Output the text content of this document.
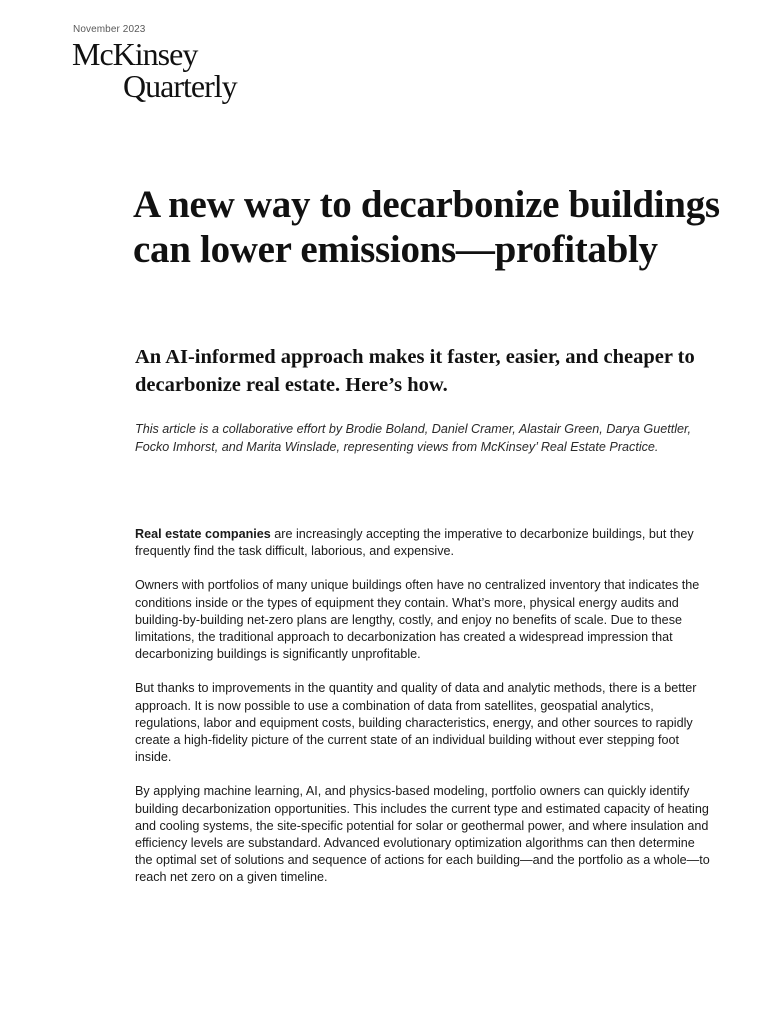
November 2023
McKinsey
Quarterly
A new way to decarbonize buildings can lower emissions—profitably
An AI-informed approach makes it faster, easier, and cheaper to decarbonize real estate. Here’s how.

This article is a collaborative effort by Brodie Boland, Daniel Cramer, Alastair Green, Darya Guettler, Focko Imhorst, and Marita Winslade, representing views from McKinsey’ Real Estate Practice.

Real estate companies are increasingly accepting the imperative to decarbonize buildings, but they frequently find the task difficult, laborious, and expensive.

Owners with portfolios of many unique buildings often have no centralized inventory that indicates the conditions inside or the types of equipment they contain. What’s more, physical energy audits and building-by-building net-zero plans are lengthy, costly, and enjoy no benefits of scale. Due to these limitations, the traditional approach to decarbonization has created a widespread impression that decarbonizing buildings is significantly unprofitable.

But thanks to improvements in the quantity and quality of data and analytic methods, there is a better approach. It is now possible to use a combination of data from satellites, geospatial analytics, regulations, labor and equipment costs, building characteristics, energy, and other sources to rapidly create a high-fidelity picture of the current state of an individual building without ever stepping foot inside.

By applying machine learning, AI, and physics-based modeling, portfolio owners can quickly identify building decarbonization opportunities. This includes the current type and estimated capacity of heating and cooling systems, the site-specific potential for solar or geothermal power, and where insulation and efficiency levels are substandard. Advanced evolutionary optimization algorithms can then determine the optimal set of solutions and sequence of actions for each building—and the portfolio as a whole—to reach net zero on a given timeline.
